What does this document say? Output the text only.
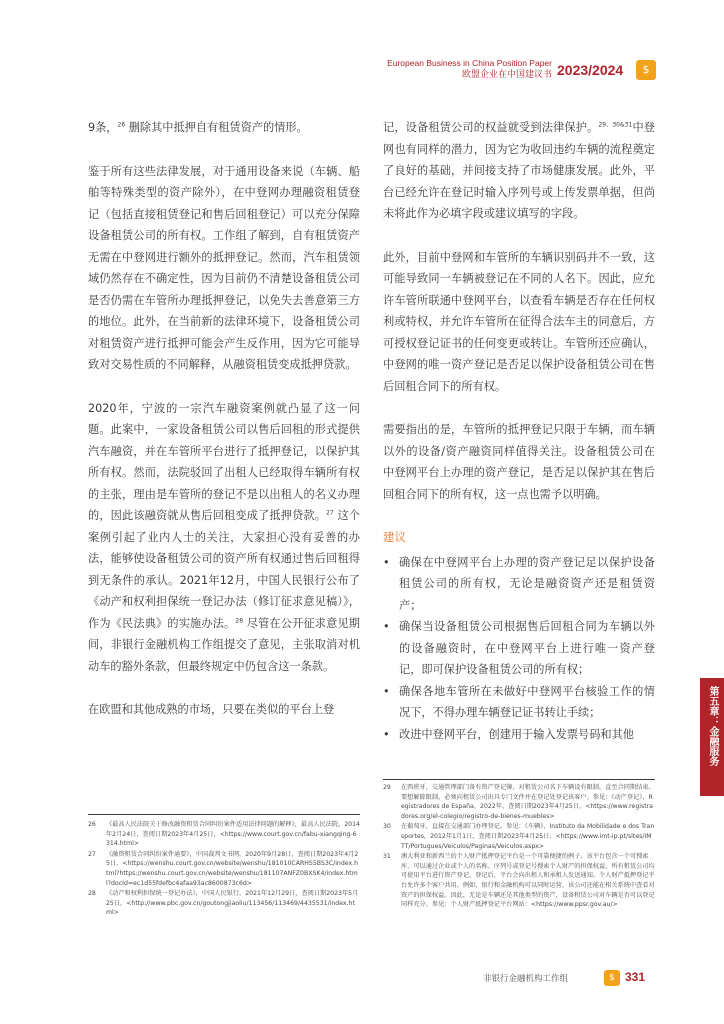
European Business in China Position Paper
欧盟企业在中国建议书 2023/2024	$

9条，$^{26}$ 删除其中抵押自有租赁资产的情形。

鉴于所有这些法律发展，对于通用设备来说（车辆、船舶等特殊类型的资产除外），在中登网办理融资租赁登记（包括直接租赁登记和售后回租登记）可以充分保障设备租赁公司的所有权。工作组了解到，自有租赁资产无需在中登网进行额外的抵押登记。然而，汽车租赁领域仍然存在不确定性，因为目前仍不清楚设备租赁公司是否仍需在车管所办理抵押登记，以免失去善意第三方的地位。此外，在当前新的法律环境下，设备租赁公司对租赁资产进行抵押可能会产生反作用，因为它可能导致对交易性质的不同解释，从融资租赁变成抵押贷款。

2020年，宁波的一宗汽车融资案例就凸显了这一问题。此案中，一家设备租赁公司以售后回租的形式提供汽车融资，并在车管所平台进行了抵押登记，以保护其所有权。然而，法院驳回了出租人已经取得车辆所有权的主张，理由是车管所的登记不是以出租人的名义办理的，因此该融资就从售后回租变成了抵押贷款。$^{27}$ 这个案例引起了业内人士的关注，大家担心没有妥善的办法，能够使设备租赁公司的资产所有权通过售后回租得到无条件的承认。2021年12月，中国人民银行公布了《动产和权利担保统一登记办法（修订征求意见稿）》，作为《民法典》的实施办法。$^{28}$ 尽管在公开征求意见期间，非银行金融机构工作组提交了意见，主张取消对机动车的豁外条款，但最终规定中仍包含这一条款。

在欧盟和其他成熟的市场，只要在类似的平台上登

记，设备租赁公司的权益就受到法律保护。$^{29、30\&31}$中登网也有同样的潜力，因为它为收回违约车辆的流程奠定了良好的基础，并间接支持了市场健康发展。此外，平台已经允许在登记时输入序列号或上传发票单据，但尚未将此作为必填字段或建议填写的字段。

此外，目前中登网和车管所的车辆识别码并不一致，这可能导致同一车辆被登记在不同的人名下。因此，应允许车管所联通中登网平台，以查看车辆是否存在任何权利或特权，并允许车管所在征得合法车主的同意后，方可授权登记证书的任何变更或转让。车管所还应确认，中登网的唯一资产登记是否足以保护设备租赁公司在售后回租合同下的所有权。

需要指出的是，车管所的抵押登记只限于车辆，而车辆以外的设备/资产融资同样值得关注。设备租赁公司在中登网平台上办理的资产登记，是否足以保护其在售后回租合同下的所有权，这一点也需予以明确。

建议
• 确保在中登网平台上办理的资产登记足以保护设备租赁公司的所有权，无论是融资资产还是租赁资产；
• 确保当设备租赁公司根据售后回租合同为车辆以外的设备融资时，在中登网平台上进行唯一资产登记，即可保护设备租赁公司的所有权；
• 确保各地车管所在未做好中登网平台核验工作的情况下，不得办理车辆登记证书转让手续；
• 改进中登网平台，创建用于输入发票号码和其他
26 《最高人民法院关于修改融资租赁合同纠纷案件适用法律问题的解释》，最高人民法院，2014年2月24日，查阅日期2023年4月25日，<https://www.court.gov.cn/fabu-xiangqing-6314.html>
27 《融资租赁合同纠纷案件通要》，中国裁判文书网，2020年9月28日，查阅日期2023年4月25日，<https://wenshu.court.gov.cn/website/wenshu/181010CARHS5BS3C/index.html?https://wenshu.court.gov.cn/website/wenshu/181107ANFZ0BXSK4/index.html?docId=ec1d55fdefbc4afaa93ac8600873c6d>
28 《动产和权利担保统一登记办法》，中国人民银行，2021年12月29日，查阅日期2023年5月25日，<http://www.pbc.gov.cn/goutongjiaoliu/113456/113469/4435531/index.html>
29 在西班牙，交通管理部门备有资产登记簿，对租赁公司名下车辆设有限制，直至合同期结束。要想解除限制，必须向租赁公司出具专门文件并在登记处登记该客户。参见：《动产登记》，Registradores de España，2022年，查阅日期2023年4月25日，<https://www.registradores.org/el-colegio/registro-de-bienes-muebles>
30 在葡萄牙，直接在交通部门办理登记。参见：《车辆》，Instituto da Mobilidade e dos Transportes，2012年1月1日，查阅日期2023年4月25日，<https://www.imt-ip.pt/sites/IMTT/Portugues/Veiculos/Paginas/Veiculos.aspx>
31 澳大利亚和新西兰的个人财产抵押登记平台是一个可靠便捷的例子。该平台包含一个可搜索库，可以通过企业或个人的名称、序列号或登记号搜索个人财产的担保权益。所有租赁公司均可使用平台进行资产登记，登记后，平台会向出租人和承租人发送通知。个人财产抵押登记平台允许多个客户共用。例如，银行和金融机构可以同时运营，该公司还能在相关系统中查看对资产的担保权益。因此，无论是车辆还是其他类型的资产，设备租赁公司对车辆是否可以登记同样充分。参见：个人财产抵押登记平台网站：<https://www.ppsr.gov.au/>
第五章：金融服务
非银行金融机构工作组	$ 331
